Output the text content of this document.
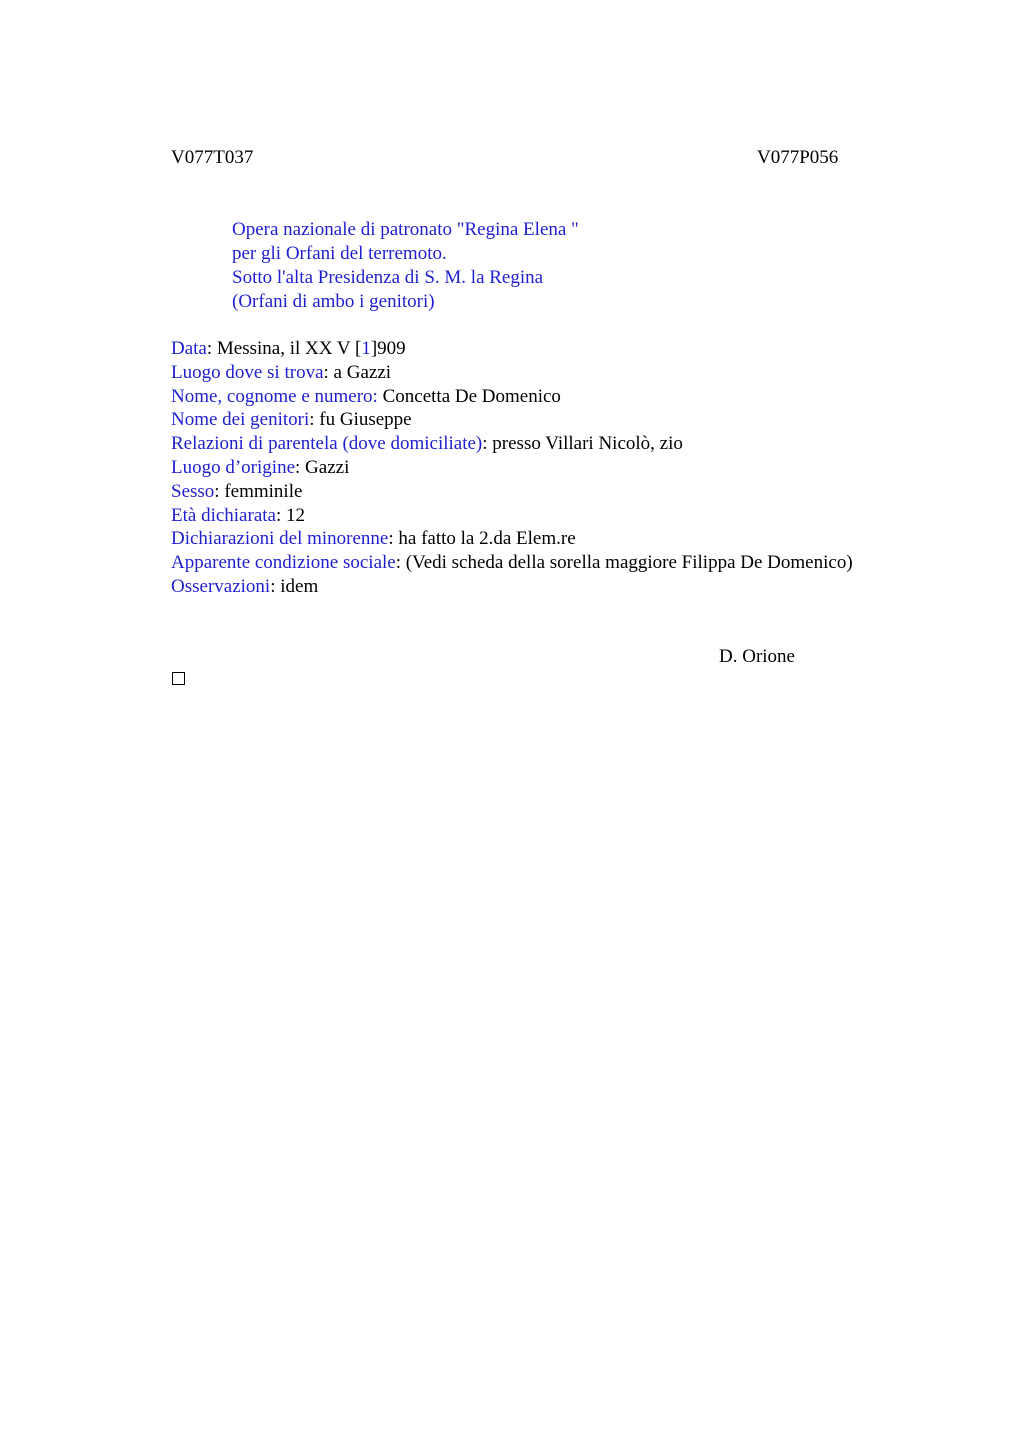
V077T037	V077P056
Opera nazionale di patronato "Regina Elena "
per gli Orfani del terremoto.
Sotto l'alta Presidenza di S. M. la Regina
(Orfani di ambo i genitori)
Data: Messina, il XX V [1]909
Luogo dove si trova: a Gazzi
Nome, cognome e numero: Concetta De Domenico
Nome dei genitori: fu Giuseppe
Relazioni di parentela (dove domiciliate): presso Villari Nicolò, zio
Luogo d’origine: Gazzi
Sesso: femminile
Età dichiarata: 12
Dichiarazioni del minorenne: ha fatto la 2.da Elem.re
Apparente condizione sociale: (Vedi scheda della sorella maggiore Filippa De Domenico)
Osservazioni: idem
D. Orione
